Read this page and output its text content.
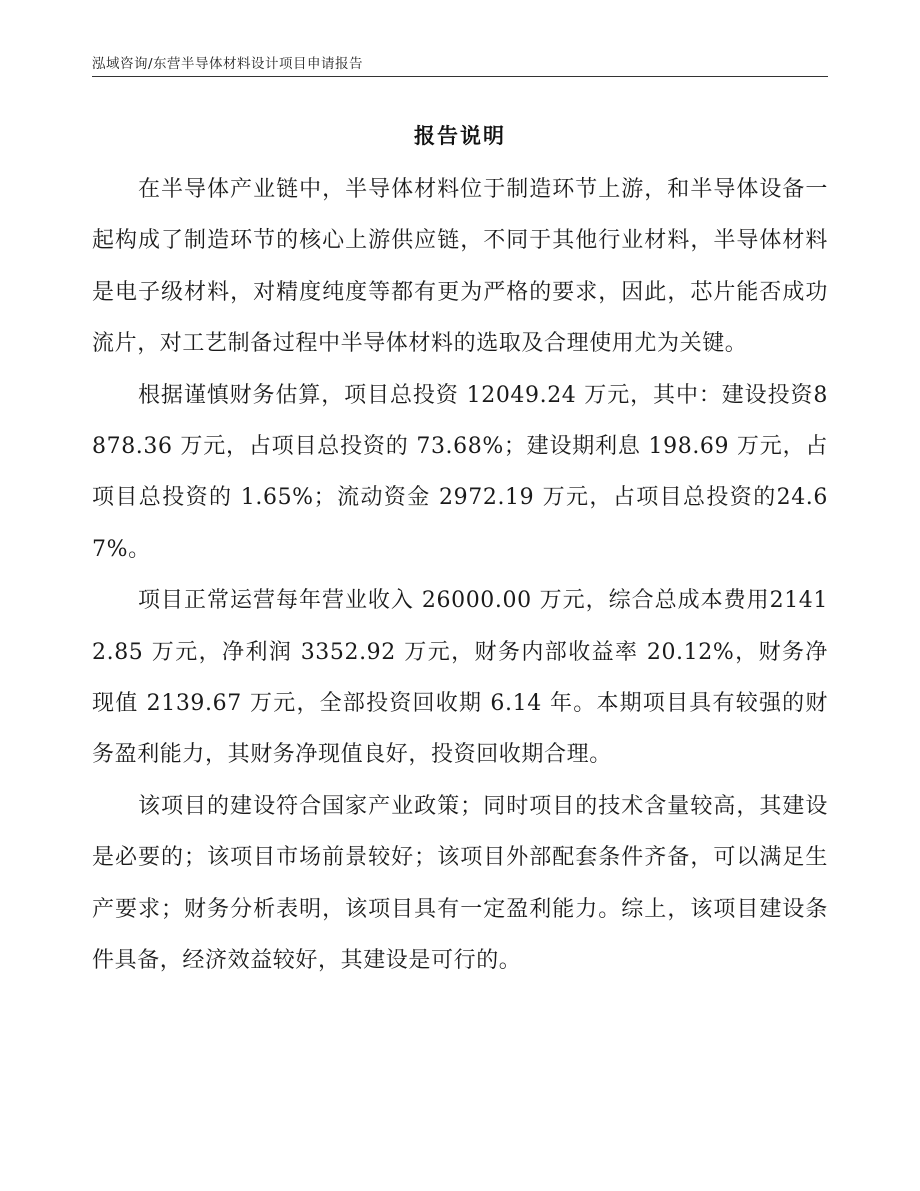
泓域咨询/东营半导体材料设计项目申请报告
报告说明

在半导体产业链中，半导体材料位于制造环节上游，和半导体设备一起构成了制造环节的核心上游供应链，不同于其他行业材料，半导体材料是电子级材料，对精度纯度等都有更为严格的要求，因此，芯片能否成功流片，对工艺制备过程中半导体材料的选取及合理使用尤为关键。

根据谨慎财务估算，项目总投资 12049.24 万元，其中：建设投资8878.36 万元，占项目总投资的 73.68%；建设期利息 198.69 万元，占项目总投资的 1.65%；流动资金 2972.19 万元，占项目总投资的24.67%。

项目正常运营每年营业收入 26000.00 万元，综合总成本费用21412.85 万元，净利润 3352.92 万元，财务内部收益率 20.12%，财务净现值 2139.67 万元，全部投资回收期 6.14 年。本期项目具有较强的财务盈利能力，其财务净现值良好，投资回收期合理。

该项目的建设符合国家产业政策；同时项目的技术含量较高，其建设是必要的；该项目市场前景较好；该项目外部配套条件齐备，可以满足生产要求；财务分析表明，该项目具有一定盈利能力。综上，该项目建设条件具备，经济效益较好，其建设是可行的。
